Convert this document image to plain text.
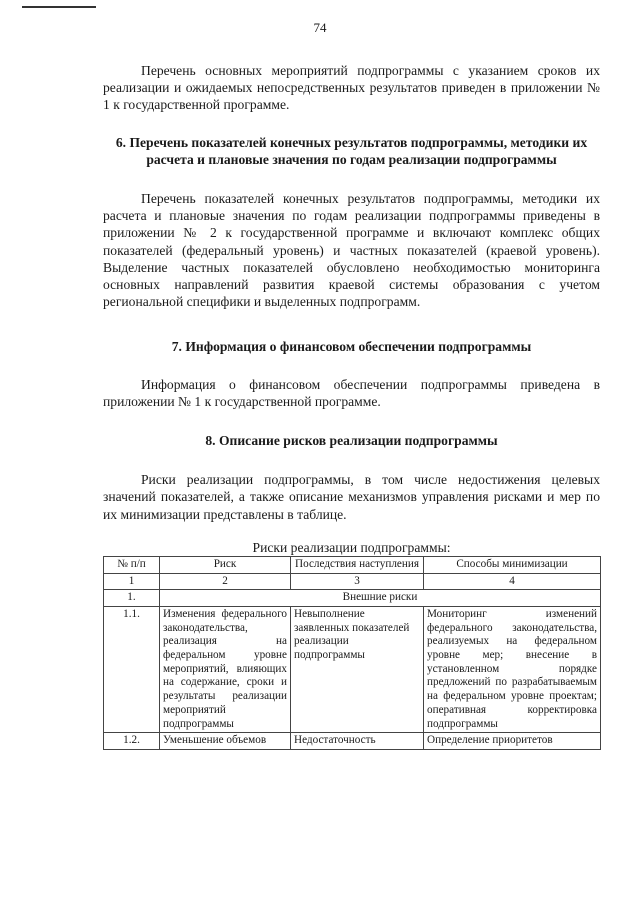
74

Перечень основных мероприятий подпрограммы с указанием сроков их реализации и ожидаемых непосредственных результатов приведен в приложении № 1 к государственной программе.

6. Перечень показателей конечных результатов подпрограммы, методики их расчета и плановые значения по годам реализации подпрограммы

Перечень показателей конечных результатов подпрограммы, методики их расчета и плановые значения по годам реализации подпрограммы приведены в приложении № 2 к государственной программе и включают комплекс общих показателей (федеральный уровень) и частных показателей (краевой уровень). Выделение частных показателей обусловлено необходимостью мониторинга основных направлений развития краевой системы образования с учетом региональной специфики и выделенных подпрограмм.

7. Информация о финансовом обеспечении подпрограммы

Информация о финансовом обеспечении подпрограммы приведена в приложении № 1 к государственной программе.

8. Описание рисков реализации подпрограммы

Риски реализации подпрограммы, в том числе недостижения целевых значений показателей, а также описание механизмов управления рисками и мер по их минимизации представлены в таблице.

Риски реализации подпрограммы:
№ п/п	Риск	Последствия наступления	Способы минимизации
1	2	3	4
1.	Внешние риски		
1.1.	Изменения федерального законодательства, реализация на федеральном уровне мероприятий, влияющих на содержание, сроки и результаты реализации мероприятий подпрограммы	Невыполнение заявленных показателей реализации подпрограммы	Мониторинг изменений федерального законодательства, реализуемых на федеральном уровне мер; внесение в установленном порядке предложений по разрабатываемым на федеральном уровне проектам; оперативная корректировка подпрограммы
1.2.	Уменьшение объемов	Недостаточность	Определение приоритетов
